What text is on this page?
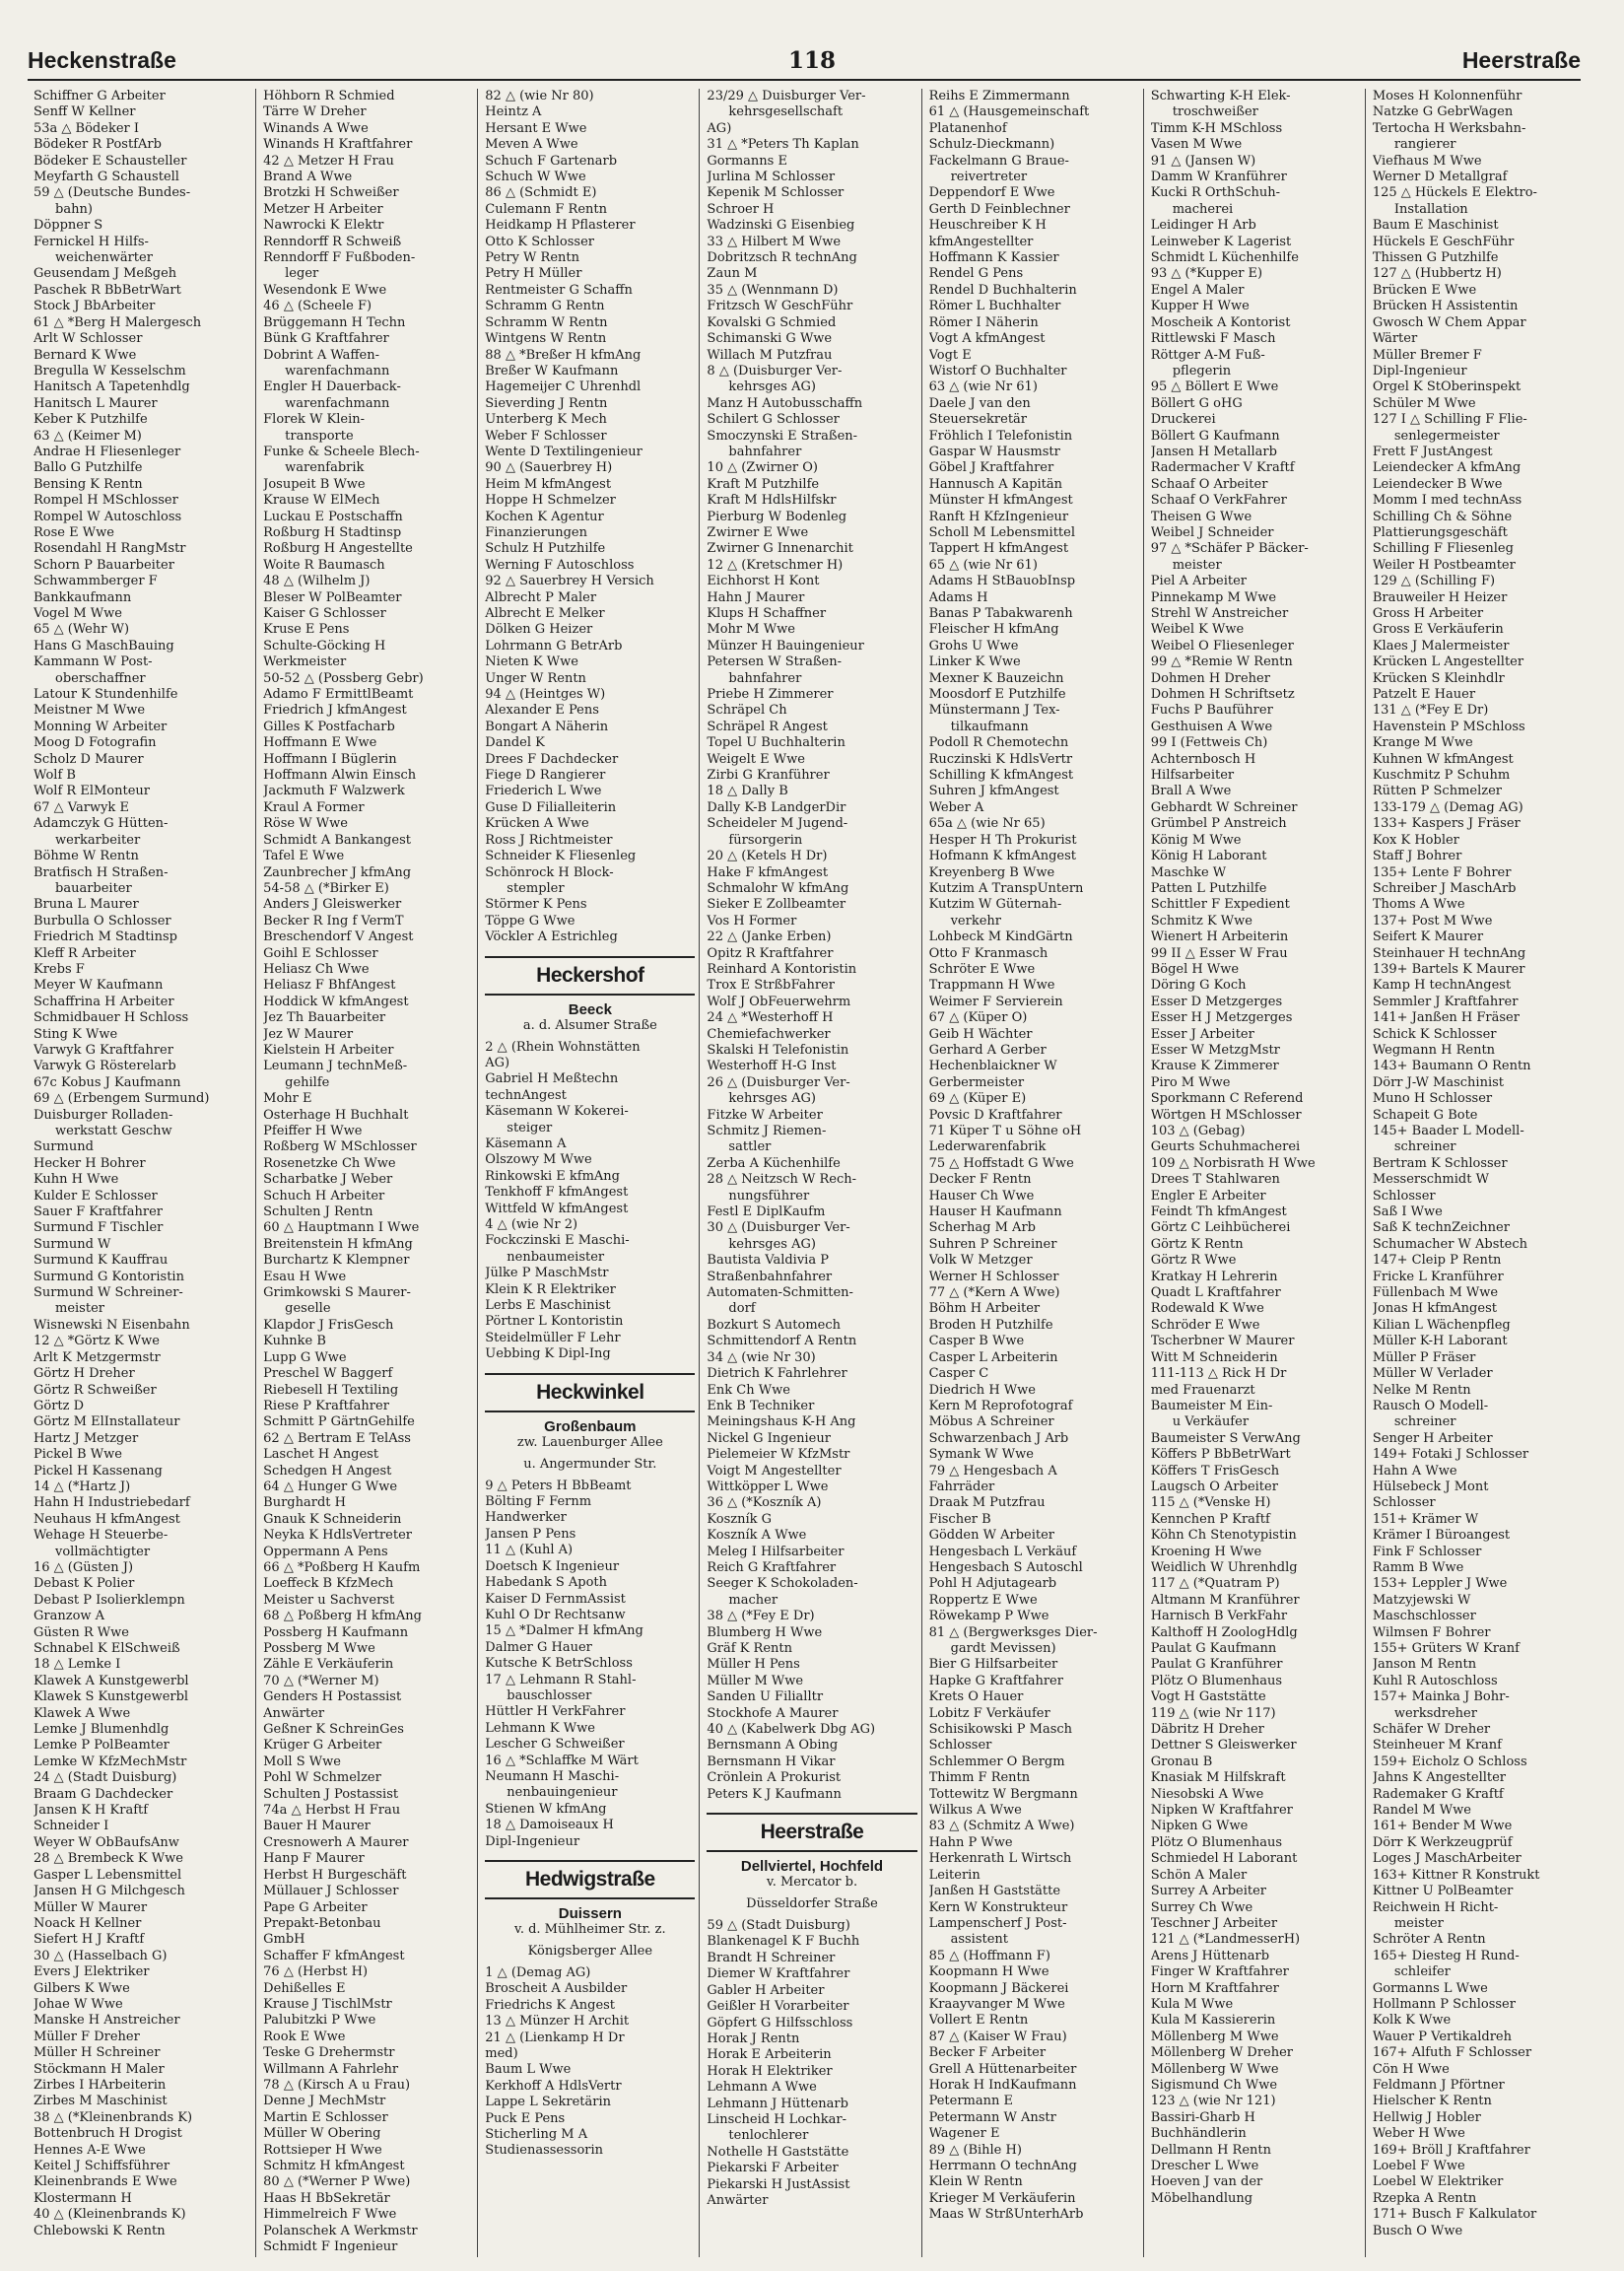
Heckenstraße	118	Heerstraße
Schiffner G Arbeiter
Senff W Kellner
53a △ Bödeker I
Bödeker R PostfArb
Bödeker E Schausteller
Meyfarth G Schaustell
59 △ (Deutsche Bundes-
bahn)
Döppner S
Fernickel H Hilfs-
weichenwärter
Geusendam J Meßgeh
Paschek R BbBetrWart
Stock J BbArbeiter
61 △ *Berg H Malergesch
Arlt W Schlosser
Bernard K Wwe
Bregulla W Kesselschm
Hanitsch A Tapetenhdlg
Hanitsch L Maurer
Keber K Putzhilfe
63 △ (Keimer M)
Andrae H Fliesenleger
Ballo G Putzhilfe
Bensing K Rentn
Rompel H MSchlosser
Rompel W Autoschloss
Rose E Wwe
Rosendahl H RangMstr
Schorn P Bauarbeiter
Schwammberger F
Bankkaufmann
Vogel M Wwe
65 △ (Wehr W)
Hans G MaschBauing
Kammann W Post-
oberschaffner
Latour K Stundenhilfe
Meistner M Wwe
Monning W Arbeiter
Moog D Fotografin
Scholz D Maurer
Wolf B
Wolf R ElMonteur
67 △ Varwyk E
Adamczyk G Hütten-
werkarbeiter
Böhme W Rentn
Bratfisch H Straßen-
bauarbeiter
Bruna L Maurer
Burbulla O Schlosser
Friedrich M Stadtinsp
Kleff R Arbeiter
Krebs F
Meyer W Kaufmann
Schaffrina H Arbeiter
Schmidbauer H Schloss
Sting K Wwe
Varwyk G Kraftfahrer
Varwyk G Rösterelarb
67c Kobus J Kaufmann
69 △ (Erbengem Surmund)
Duisburger Rolladen-
werkstatt Geschw
Surmund
Hecker H Bohrer
Kuhn H Wwe
Kulder E Schlosser
Sauer F Kraftfahrer
Surmund F Tischler
Surmund W
Surmund K Kauffrau
Surmund G Kontoristin
Surmund W Schreiner-
meister
Wisnewski N Eisenbahn
12 △ *Görtz K Wwe
Arlt K Metzgermstr
Görtz H Dreher
Görtz R Schweißer
Görtz D
Görtz M ElInstallateur
Hartz J Metzger
Pickel B Wwe
Pickel H Kassenang
14 △ (*Hartz J)
Hahn H Industriebedarf
Neuhaus H kfmAngest
Wehage H Steuerbe-
vollmächtigter
16 △ (Güsten J)
Debast K Polier
Debast P Isolierklempn
Granzow A
Güsten R Wwe
Schnabel K ElSchweiß
18 △ Lemke I
Klawek A Kunstgewerbl
Klawek S Kunstgewerbl
Klawek A Wwe
Lemke J Blumenhdlg
Lemke P PolBeamter
Lemke W KfzMechMstr
24 △ (Stadt Duisburg)
Braam G Dachdecker
Jansen K H Kraftf
Schneider I
Weyer W ObBaufsAnw
28 △ Brembeck K Wwe
Gasper L Lebensmittel
Jansen H G Milchgesch
Müller W Maurer
Noack H Kellner
Siefert H J Kraftf
30 △ (Hasselbach G)
Evers J Elektriker
Gilbers K Wwe
Johae W Wwe
Manske H Anstreicher
Müller F Dreher
Müller H Schreiner
Stöckmann H Maler
Zirbes I HArbeiterin
Zirbes M Maschinist
38 △ (*Kleinenbrands K)
Bottenbruch H Drogist
Hennes A-E Wwe
Keitel J Schiffsführer
Kleinenbrands E Wwe
Klostermann H
40 △ (Kleinenbrands K)
Chlebowski K Rentn
Höhborn R Schmied
Tärre W Dreher
Winands A Wwe
Winands H Kraftfahrer
42 △ Metzer H Frau
Brand A Wwe
Brotzki H Schweißer
Metzer H Arbeiter
Nawrocki K Elektr
Renndorff R Schweiß
Renndorff F Fußboden-
leger
Wesendonk E Wwe
46 △ (Scheele F)
Brüggemann H Techn
Bünk G Kraftfahrer
Dobrint A Waffen-
warenfachmann
Engler H Dauerback-
warenfachmann
Florek W Klein-
transporte
Funke & Scheele Blech-
warenfabrik
Josupeit B Wwe
Krause W ElMech
Luckau E Postschaffn
Roßburg H Stadtinsp
Roßburg H Angestellte
Woite R Baumasch
48 △ (Wilhelm J)
Bleser W PolBeamter
Kaiser G Schlosser
Kruse E Pens
Schulte-Göcking H
Werkmeister
50-52 △ (Possberg Gebr)
Adamo F ErmittlBeamt
Friedrich J kfmAngest
Gilles K Postfacharb
Hoffmann E Wwe
Hoffmann I Büglerin
Hoffmann Alwin Einsch
Jackmuth F Walzwerk
Kraul A Former
Röse W Wwe
Schmidt A Bankangest
Tafel E Wwe
Zaunbrecher J kfmAng
54-58 △ (*Birker E)
Anders J Gleiswerker
Becker R Ing f VermT
Breschendorf V Angest
Goihl E Schlosser
Heliasz Ch Wwe
Heliasz F BhfAngest
Hoddick W kfmAngest
Jez Th Bauarbeiter
Jez W Maurer
Kielstein H Arbeiter
Leumann J technMeß-
gehilfe
Mohr E
Osterhage H Buchhalt
Pfeiffer H Wwe
Roßberg W MSchlosser
Rosenetzke Ch Wwe
Scharbatke J Weber
Schuch H Arbeiter
Schulten J Rentn
60 △ Hauptmann I Wwe
Breitenstein H kfmAng
Burchartz K Klempner
Esau H Wwe
Grimkowski S Maurer-
geselle
Klapdor J FrisGesch
Kuhnke B
Lupp G Wwe
Preschel W Baggerf
Riebesell H Textiling
Riese P Kraftfahrer
Schmitt P GärtnGehilfe
62 △ Bertram E TelAss
Laschet H Angest
Schedgen H Angest
64 △ Hunger G Wwe
Burghardt H
Gnauk K Schneiderin
Neyka K HdlsVertreter
Oppermann A Pens
66 △ *Poßberg H Kaufm
Loeffeck B KfzMech
Meister u Sachverst
68 △ Poßberg H kfmAng
Possberg H Kaufmann
Possberg M Wwe
Zähle E Verkäuferin
70 △ (*Werner M)
Genders H Postassist
Anwärter
Geßner K SchreinGes
Krüger G Arbeiter
Moll S Wwe
Pohl W Schmelzer
Schulten J Postassist
74a △ Herbst H Frau
Bauer H Maurer
Cresnowerh A Maurer
Hanp F Maurer
Herbst H Burgeschäft
Müllauer J Schlosser
Pape G Arbeiter
Prepakt-Betonbau
GmbH
Schaffer F kfmAngest
76 △ (Herbst H)
Dehißelles E
Krause J TischlMstr
Palubitzki P Wwe
Rook E Wwe
Teske G Drehermstr
Willmann A Fahrlehr
78 △ (Kirsch A u Frau)
Denne J MechMstr
Martin E Schlosser
Müller W Obering
Rottsieper H Wwe
Schmitz H kfmAngest
80 △ (*Werner P Wwe)
Haas H BbSekretär
Himmelreich F Wwe
Polanschek A Werkmstr
Schmidt F Ingenieur
82 △ (wie Nr 80)
Heintz A
Hersant E Wwe
Meven A Wwe
Schuch F Gartenarb
Schuch W Wwe
86 △ (Schmidt E)
Culemann F Rentn
Heidkamp H Pflasterer
Otto K Schlosser
Petry W Rentn
Petry H Müller
Rentmeister G Schaffn
Schramm G Rentn
Schramm W Rentn
Wintgens W Rentn
88 △ *Breßer H kfmAng
Breßer W Kaufmann
Hagemeijer C Uhrenhdl
Sieverding J Rentn
Unterberg K Mech
Weber F Schlosser
Wente D Textilingenieur
90 △ (Sauerbrey H)
Heim M kfmAngest
Hoppe H Schmelzer
Kochen K Agentur
Finanzierungen
Schulz H Putzhilfe
Werning F Autoschloss
92 △ Sauerbrey H Versich
Albrecht P Maler
Albrecht E Melker
Dölken G Heizer
Lohrmann G BetrArb
Nieten K Wwe
Unger W Rentn
94 △ (Heintges W)
Alexander E Pens
Bongart A Näherin
Dandel K
Drees F Dachdecker
Fiege D Rangierer
Friederich L Wwe
Guse D Filialleiterin
Krücken A Wwe
Ross J Richtmeister
Schneider K Fliesenleg
Schönrock H Block-
stempler
Störmer K Pens
Töppe G Wwe
Vöckler A Estrichleg
Heckershof
Beeck
a. d. Alsumer Straße
2 △ (Rhein Wohnstätten
AG)
Gabriel H Meßtechn
technAngest
Käsemann W Kokerei-
steiger
Käsemann A
Olszowy M Wwe
Rinkowski E kfmAng
Tenkhoff F kfmAngest
Wittfeld W kfmAngest
4 △ (wie Nr 2)
Fockczinski E Maschi-
nenbaumeister
Jülke P MaschMstr
Klein K R Elektriker
Lerbs E Maschinist
Pörtner L Kontoristin
Steidelmüller F Lehr
Uebbing K Dipl-Ing
Heckwinkel
Großenbaum
zw. Lauenburger Allee
u. Angermunder Str.
9 △ Peters H BbBeamt
Bölting F Fernm
Handwerker
Jansen P Pens
11 △ (Kuhl A)
Doetsch K Ingenieur
Habedank S Apoth
Kaiser D FernmAssist
Kuhl O Dr Rechtsanw
15 △ *Dalmer H kfmAng
Dalmer G Hauer
Kutsche K BetrSchloss
17 △ Lehmann R Stahl-
bauschlosser
Hüttler H VerkFahrer
Lehmann K Wwe
Lescher G Schweißer
16 △ *Schlaffke M Wärt
Neumann H Maschi-
nenbauingenieur
Stienen W kfmAng
18 △ Damoiseaux H
Dipl-Ingenieur
Hedwigstraße
Duissern
v. d. Mühlheimer Str. z.
Königsberger Allee
1 △ (Demag AG)
Broscheit A Ausbilder
Friedrichs K Angest
13 △ Münzer H Archit
21 △ (Lienkamp H Dr
med)
Baum L Wwe
Kerkhoff A HdlsVertr
Lappe L Sekretärin
Puck E Pens
Sticherling M A
Studienassessorin
23/29 △ Duisburger Ver-
kehrsgesellschaft
AG)
31 △ *Peters Th Kaplan
Gormanns E
Jurlina M Schlosser
Kepenik M Schlosser
Schroer H
Wadzinski G Eisenbieg
33 △ Hilbert M Wwe
Dobritzsch R technAng
Zaun M
35 △ (Wennmann D)
Fritzsch W GeschFühr
Kovalski G Schmied
Schimanski G Wwe
Willach M Putzfrau
8 △ (Duisburger Ver-
kehrsges AG)
Manz H Autobusschaffn
Schilert G Schlosser
Smoczynski E Straßen-
bahnfahrer
10 △ (Zwirner O)
Kraft M Putzhilfe
Kraft M HdlsHilfskr
Pierburg W Bodenleg
Zwirner E Wwe
Zwirner G Innenarchit
12 △ (Kretschmer H)
Eichhorst H Kont
Hahn J Maurer
Klups H Schaffner
Mohr M Wwe
Münzer H Bauingenieur
Petersen W Straßen-
bahnfahrer
Priebe H Zimmerer
Schräpel Ch
Schräpel R Angest
Topel U Buchhalterin
Weigelt E Wwe
Zirbi G Kranführer
18 △ Dally B
Dally K-B LandgerDir
Scheideler M Jugend-
fürsorgerin
20 △ (Ketels H Dr)
Hake F kfmAngest
Schmalohr W kfmAng
Sieker E Zollbeamter
Vos H Former
22 △ (Janke Erben)
Opitz R Kraftfahrer
Reinhard A Kontoristin
Trox E StrßbFahrer
Wolf J ObFeuerwehrm
24 △ *Westerhoff H
Chemiefachwerker
Skalski H Telefonistin
Westerhoff H-G Inst
26 △ (Duisburger Ver-
kehrsges AG)
Fitzke W Arbeiter
Schmitz J Riemen-
sattler
Zerba A Küchenhilfe
28 △ Neitzsch W Rech-
nungsführer
Festl E DiplKaufm
30 △ (Duisburger Ver-
kehrsges AG)
Bautista Valdivia P
Straßenbahnfahrer
Automaten-Schmitten-
dorf
Bozkurt S Automech
Schmittendorf A Rentn
34 △ (wie Nr 30)
Dietrich K Fahrlehrer
Enk Ch Wwe
Enk B Techniker
Meiningshaus K-H Ang
Nickel G Ingenieur
Pielemeier W KfzMstr
Voigt M Angestellter
Wittköpper L Wwe
36 △ (*Koszník A)
Koszník G
Koszník A Wwe
Meleg I Hilfsarbeiter
Reich G Kraftfahrer
Seeger K Schokoladen-
macher
38 △ (*Fey E Dr)
Blumberg H Wwe
Gräf K Rentn
Müller H Pens
Müller M Wwe
Sanden U Filialltr
Stockhofe A Maurer
40 △ (Kabelwerk Dbg AG)
Bernsmann A Obing
Bernsmann H Vikar
Crönlein A Prokurist
Peters K J Kaufmann
Heerstraße
Dellviertel, Hochfeld
v. Mercator b.
Düsseldorfer Straße
59 △ (Stadt Duisburg)
Blankenagel K F Buchh
Brandt H Schreiner
Diemer W Kraftfahrer
Gabler H Arbeiter
Geißler H Vorarbeiter
Göpfert G Hilfsschloss
Horak J Rentn
Horak E Arbeiterin
Horak H Elektriker
Lehmann A Wwe
Lehmann J Hüttenarb
Linscheid H Lochkar-
tenlochlerer
Nothelle H Gaststätte
Piekarski F Arbeiter
Piekarski H JustAssist
Anwärter
Reihs E Zimmermann
61 △ (Hausgemeinschaft
Platanenhof
Schulz-Dieckmann)
Fackelmann G Braue-
reivertreter
Deppendorf E Wwe
Gerth D Feinblechner
Heuschreiber K H
kfmAngestellter
Hoffmann K Kassier
Rendel G Pens
Rendel D Buchhalterin
Römer L Buchhalter
Römer I Näherin
Vogt A kfmAngest
Vogt E
Wistorf O Buchhalter
63 △ (wie Nr 61)
Daele J van den
Steuersekretär
Fröhlich I Telefonistin
Gaspar W Hausmstr
Göbel J Kraftfahrer
Hannusch A Kapitän
Münster H kfmAngest
Ranft H KfzIngenieur
Scholl M Lebensmittel
Tappert H kfmAngest
65 △ (wie Nr 61)
Adams H StBauobInsp
Adams H
Banas P Tabakwarenh
Fleischer H kfmAng
Grohs U Wwe
Linker K Wwe
Mexner K Bauzeichn
Moosdorf E Putzhilfe
Münstermann J Tex-
tilkaufmann
Podoll R Chemotechn
Ruczinski K HdlsVertr
Schilling K kfmAngest
Suhren J kfmAngest
Weber A
65a △ (wie Nr 65)
Hesper H Th Prokurist
Hofmann K kfmAngest
Kreyenberg B Wwe
Kutzim A TranspUntern
Kutzim W Güternah-
verkehr
Lohbeck M KindGärtn
Otto F Kranmasch
Schröter E Wwe
Trappmann H Wwe
Weimer F Servierein
67 △ (Küper O)
Geib H Wächter
Gerhard A Gerber
Hechenblaickner W
Gerbermeister
69 △ (Küper E)
Povsic D Kraftfahrer
71 Küper T u Söhne oH
Lederwarenfabrik
75 △ Hoffstadt G Wwe
Decker F Rentn
Hauser Ch Wwe
Hauser H Kaufmann
Scherhag M Arb
Suhren P Schreiner
Volk W Metzger
Werner H Schlosser
77 △ (*Kern A Wwe)
Böhm H Arbeiter
Broden H Putzhilfe
Casper B Wwe
Casper L Arbeiterin
Casper C
Diedrich H Wwe
Kern M Reprofotograf
Möbus A Schreiner
Schwarzenbach J Arb
Symank W Wwe
79 △ Hengesbach A
Fahrräder
Draak M Putzfrau
Fischer B
Gödden W Arbeiter
Hengesbach L Verkäuf
Hengesbach S Autoschl
Pohl H Adjutagearb
Roppertz E Wwe
Röwekamp P Wwe
81 △ (Bergwerksges Dier-
gardt Mevissen)
Bier G Hilfsarbeiter
Hapke G Kraftfahrer
Krets O Hauer
Lobitz F Verkäufer
Schisikowski P Masch
Schlosser
Schlemmer O Bergm
Thimm F Rentn
Tottewitz W Bergmann
Wilkus A Wwe
83 △ (Schmitz A Wwe)
Hahn P Wwe
Herkenrath L Wirtsch
Leiterin
Janßen H Gaststätte
Kern W Konstrukteur
Lampenscherf J Post-
assistent
85 △ (Hoffmann F)
Koopmann H Wwe
Koopmann J Bäckerei
Kraayvanger M Wwe
Vollert E Rentn
87 △ (Kaiser W Frau)
Becker F Arbeiter
Grell A Hüttenarbeiter
Horak H IndKaufmann
Petermann E
Petermann W Anstr
Wagener E
89 △ (Bihle H)
Herrmann O technAng
Klein W Rentn
Krieger M Verkäuferin
Maas W StrßUnterhArb
Schwarting K-H Elek-
troschweißer
Timm K-H MSchloss
Vasen M Wwe
91 △ (Jansen W)
Damm W Kranführer
Kucki R OrthSchuh-
macherei
Leidinger H Arb
Leinweber K Lagerist
Schmidt L Küchenhilfe
93 △ (*Kupper E)
Engel A Maler
Kupper H Wwe
Moscheik A Kontorist
Rittlewski F Masch
Röttger A-M Fuß-
pflegerin
95 △ Böllert E Wwe
Böllert G oHG
Druckerei
Böllert G Kaufmann
Jansen H Metallarb
Radermacher V Kraftf
Schaaf O Arbeiter
Schaaf O VerkFahrer
Theisen G Wwe
Weibel J Schneider
97 △ *Schäfer P Bäcker-
meister
Piel A Arbeiter
Pinnekamp M Wwe
Strehl W Anstreicher
Weibel K Wwe
Weibel O Fliesenleger
99 △ *Remie W Rentn
Dohmen H Dreher
Dohmen H Schriftsetz
Fuchs P Bauführer
Gesthuisen A Wwe
99 I (Fettweis Ch)
Achternbosch H
Hilfsarbeiter
Brall A Wwe
Gebhardt W Schreiner
Grümbel P Anstreich
König M Wwe
König H Laborant
Maschke W
Patten L Putzhilfe
Schittler F Expedient
Schmitz K Wwe
Wienert H Arbeiterin
99 II △ Esser W Frau
Bögel H Wwe
Döring G Koch
Esser D Metzgerges
Esser H J Metzgerges
Esser J Arbeiter
Esser W MetzgMstr
Krause K Zimmerer
Piro M Wwe
Sporkmann C Referend
Wörtgen H MSchlosser
103 △ (Gebag)
Geurts Schuhmacherei
109 △ Norbisrath H Wwe
Drees T Stahlwaren
Engler E Arbeiter
Feindt Th kfmAngest
Görtz C Leihbücherei
Görtz K Rentn
Görtz R Wwe
Kratkay H Lehrerin
Quadt L Kraftfahrer
Rodewald K Wwe
Schröder E Wwe
Tscherbner W Maurer
Witt M Schneiderin
111-113 △ Rick H Dr
med Frauenarzt
Baumeister M Ein-
u Verkäufer
Baumeister S VerwAng
Köffers P BbBetrWart
Köffers T FrisGesch
Laugsch O Arbeiter
115 △ (*Venske H)
Kennchen P Kraftf
Köhn Ch Stenotypistin
Kroening H Wwe
Weidlich W Uhrenhdlg
117 △ (*Quatram P)
Altmann M Kranführer
Harnisch B VerkFahr
Kalthoff H ZoologHdlg
Paulat G Kaufmann
Paulat G Kranführer
Plötz O Blumenhaus
Vogt H Gaststätte
119 △ (wie Nr 117)
Däbritz H Dreher
Dettner S Gleiswerker
Gronau B
Knasiak M Hilfskraft
Niesobski A Wwe
Nipken W Kraftfahrer
Nipken G Wwe
Plötz O Blumenhaus
Schmiedel H Laborant
Schön A Maler
Surrey A Arbeiter
Surrey Ch Wwe
Teschner J Arbeiter
121 △ (*LandmesserH)
Arens J Hüttenarb
Finger W Kraftfahrer
Horn M Kraftfahrer
Kula M Wwe
Kula M Kassiererin
Möllenberg M Wwe
Möllenberg W Dreher
Möllenberg W Wwe
Sigismund Ch Wwe
123 △ (wie Nr 121)
Bassiri-Gharb H
Buchhändlerin
Dellmann H Rentn
Drescher L Wwe
Hoeven J van der
Möbelhandlung
Moses H Kolonnenführ
Natzke G GebrWagen
Tertocha H Werksbahn-
rangierer
Viefhaus M Wwe
Werner D Metallgraf
125 △ Hückels E Elektro-
Installation
Baum E Maschinist
Hückels E GeschFühr
Thissen G Putzhilfe
127 △ (Hubbertz H)
Brücken E Wwe
Brücken H Assistentin
Gwosch W Chem Appar
Wärter
Müller Bremer F
Dipl-Ingenieur
Orgel K StOberinspekt
Schüler M Wwe
127 I △ Schilling F Flie-
senlegermeister
Frett F JustAngest
Leiendecker A kfmAng
Leiendecker B Wwe
Momm I med technAss
Schilling Ch & Söhne
Plattierungsgeschäft
Schilling F Fliesenleg
Weiler H Postbeamter
129 △ (Schilling F)
Brauweiler H Heizer
Gross H Arbeiter
Gross E Verkäuferin
Klaes J Malermeister
Krücken L Angestellter
Krücken S Kleinhdlr
Patzelt E Hauer
131 △ (*Fey E Dr)
Havenstein P MSchloss
Krange M Wwe
Kuhnen W kfmAngest
Kuschmitz P Schuhm
Rütten P Schmelzer
133-179 △ (Demag AG)
133+ Kaspers J Fräser
Kox K Hobler
Staff J Bohrer
135+ Lente F Bohrer
Schreiber J MaschArb
Thoms A Wwe
137+ Post M Wwe
Seifert K Maurer
Steinhauer H technAng
139+ Bartels K Maurer
Kamp H technAngest
Semmler J Kraftfahrer
141+ Janßen H Fräser
Schick K Schlosser
Wegmann H Rentn
143+ Baumann O Rentn
Dörr J-W Maschinist
Muno H Schlosser
Schapeit G Bote
145+ Baader L Modell-
schreiner
Bertram K Schlosser
Messerschmidt W
Schlosser
Saß I Wwe
Saß K technZeichner
Schumacher W Abstech
147+ Cleip P Rentn
Fricke L Kranführer
Füllenbach M Wwe
Jonas H kfmAngest
Kilian L Wächenpfleg
Müller K-H Laborant
Müller P Fräser
Müller W Verlader
Nelke M Rentn
Rausch O Modell-
schreiner
Senger H Arbeiter
149+ Fotaki J Schlosser
Hahn A Wwe
Hülsebeck J Mont
Schlosser
151+ Krämer W
Krämer I Büroangest
Fink F Schlosser
Ramm B Wwe
153+ Leppler J Wwe
Matzyjewski W
Maschschlosser
Wilmsen F Bohrer
155+ Grüters W Kranf
Janson M Rentn
Kuhl R Autoschloss
157+ Mainka J Bohr-
werksdreher
Schäfer W Dreher
Steinheuer M Kranf
159+ Eicholz O Schloss
Jahns K Angestellter
Rademaker G Kraftf
Randel M Wwe
161+ Bender M Wwe
Dörr K Werkzeugprüf
Loges J MaschArbeiter
163+ Kittner R Konstrukt
Kittner U PolBeamter
Reichwein H Richt-
meister
Schröter A Rentn
165+ Diesteg H Rund-
schleifer
Gormanns L Wwe
Hollmann P Schlosser
Kolk K Wwe
Wauer P Vertikaldreh
167+ Alfuth F Schlosser
Cön H Wwe
Feldmann J Pförtner
Hielscher K Rentn
Hellwig J Hobler
Weber H Wwe
169+ Bröll J Kraftfahrer
Loebel F Wwe
Loebel W Elektriker
Rzepka A Rentn
171+ Busch F Kalkulator
Busch O Wwe
